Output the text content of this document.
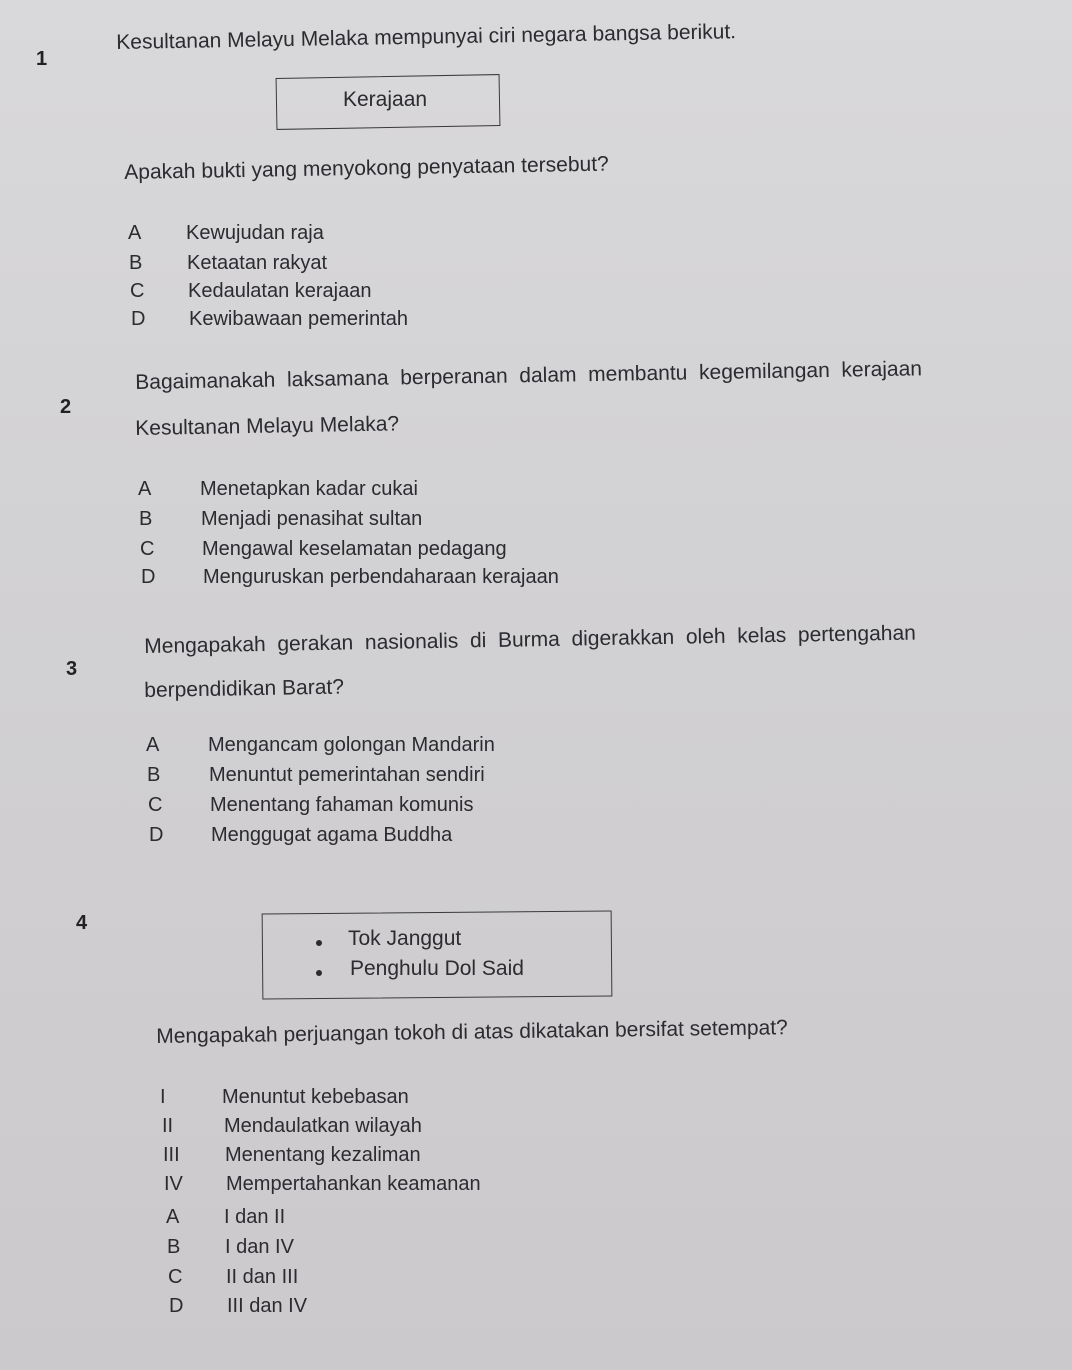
1
Kesultanan Melayu Melaka mempunyai ciri negara bangsa berikut.
Kerajaan
Apakah bukti yang menyokong penyataan tersebut?
A Kewujudan raja
B Ketaatan rakyat
C Kedaulatan kerajaan
D Kewibawaan pemerintah
2
Bagaimanakah  laksamana  berperanan  dalam  membantu  kegemilangan  kerajaan
Kesultanan Melayu Melaka?
A Menetapkan kadar cukai
B Menjadi penasihat sultan
C Mengawal keselamatan pedagang
D Menguruskan perbendaharaan kerajaan
3
Mengapakah  gerakan  nasionalis  di  Burma  digerakkan  oleh  kelas  pertengahan
berpendidikan Barat?
A Mengancam golongan Mandarin
B Menuntut pemerintahan sendiri
C Menentang fahaman komunis
D Menggugat agama Buddha
4
Tok Janggut
Penghulu Dol Said
Mengapakah perjuangan tokoh di atas dikatakan bersifat setempat?
I	Menuntut kebebasan
II	Mendaulatkan wilayah
III Menentang kezaliman
IV Mempertahankan keamanan
A I dan II
B I dan IV
C II dan III
D III dan IV
